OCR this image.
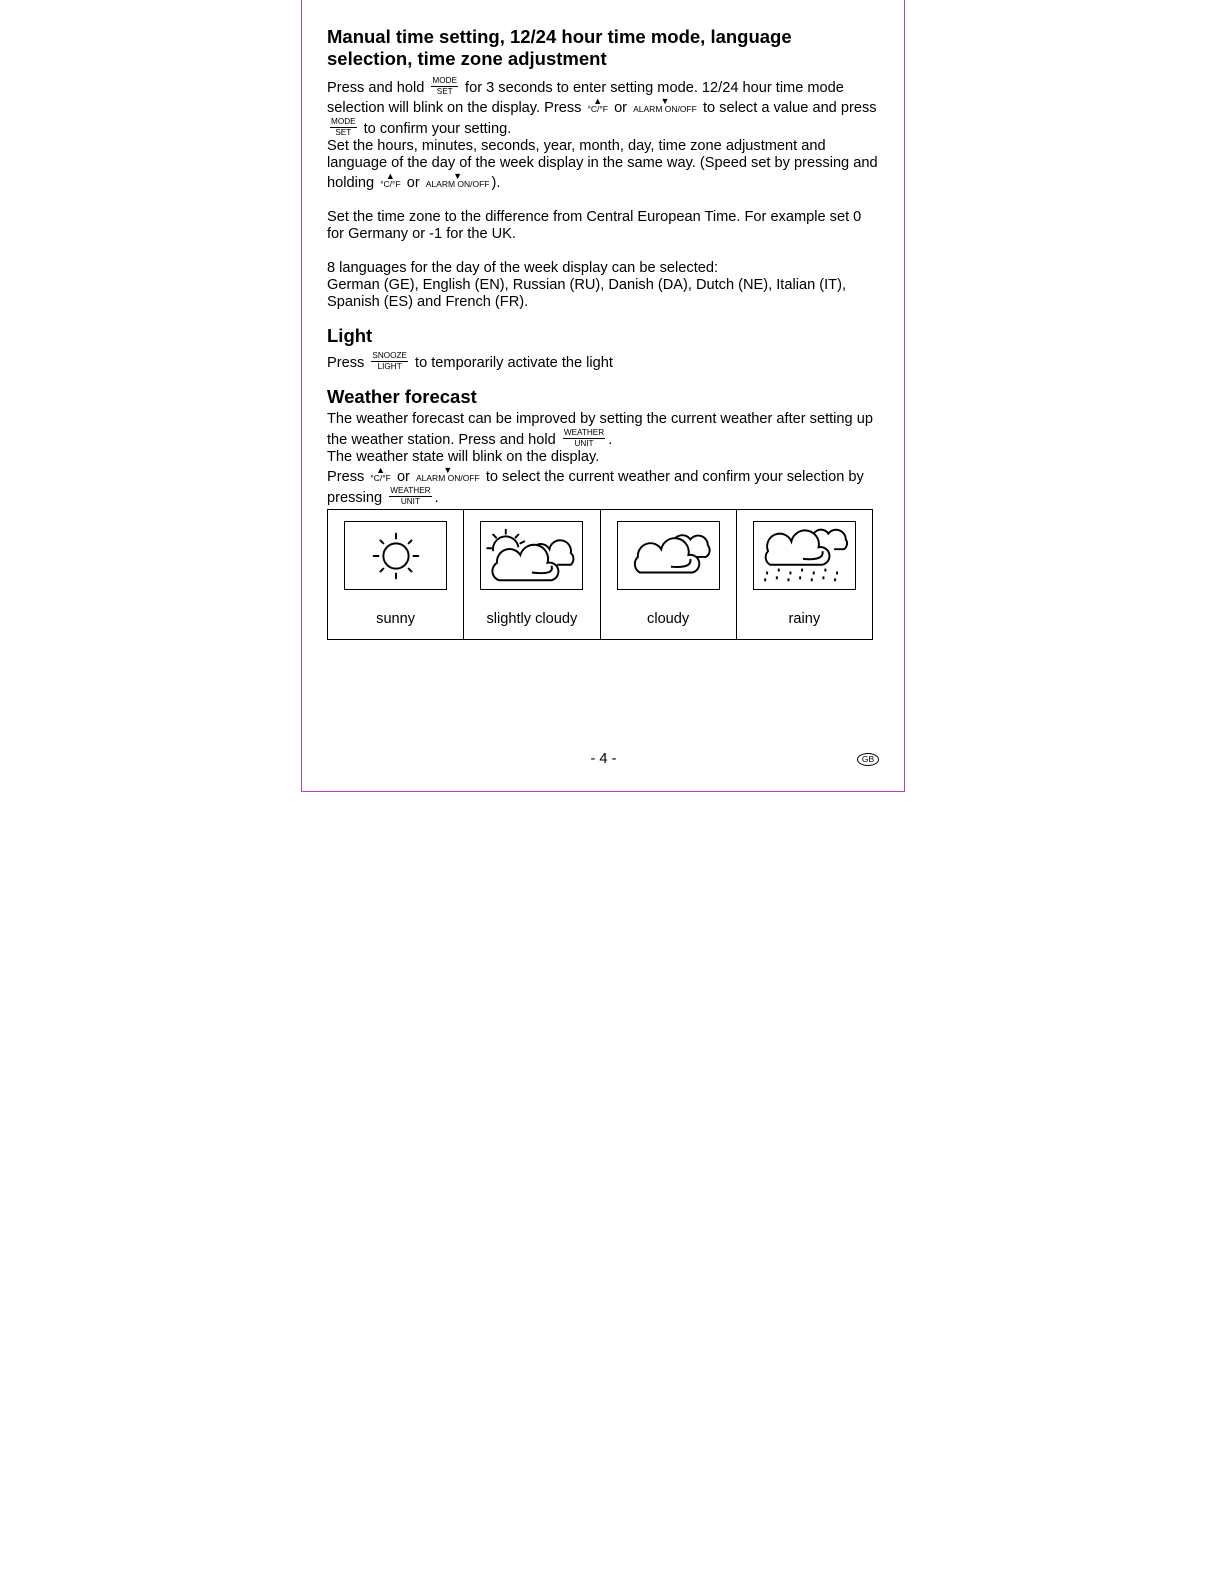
Manual time setting, 12/24 hour time mode, language selection, time zone adjustment

Press and hold MODE
SET for 3 seconds to enter setting mode. 12/24 hour time mode selection will blink on the display. Press ▲
°C/°F or	▼
ALARM ON/OFF to select a value and press
MODE
SET to confirm your setting.

Set the hours, minutes, seconds, year, month, day, time zone adjustment and language of the day of the week display in the same way. (Speed set by pressing and holding ▲
°C/°F or	▼
ALARM ON/OFF ).

Set the time zone to the difference from Central European Time. For example set 0 for Germany or -1 for the UK.

8 languages for the day of the week display can be selected:

German (GE), English (EN), Russian (RU), Danish (DA), Dutch (NE), Italian (IT), Spanish (ES) and French (FR).

Light

Press SNOOZE
LIGHT to temporarily activate the light

Weather forecast

The weather forecast can be improved by setting the current weather after setting up the weather station. Press and hold WEATHER
UNIT	.

The weather state will blink on the display.

Press ▲
°C/°F or	▼
ALARM ON/OFF to select the current weather and confirm your selection by pressing WEATHER
UNIT	.

sunny	slightly cloudy	cloudy	rainy
- 4 -	GB
